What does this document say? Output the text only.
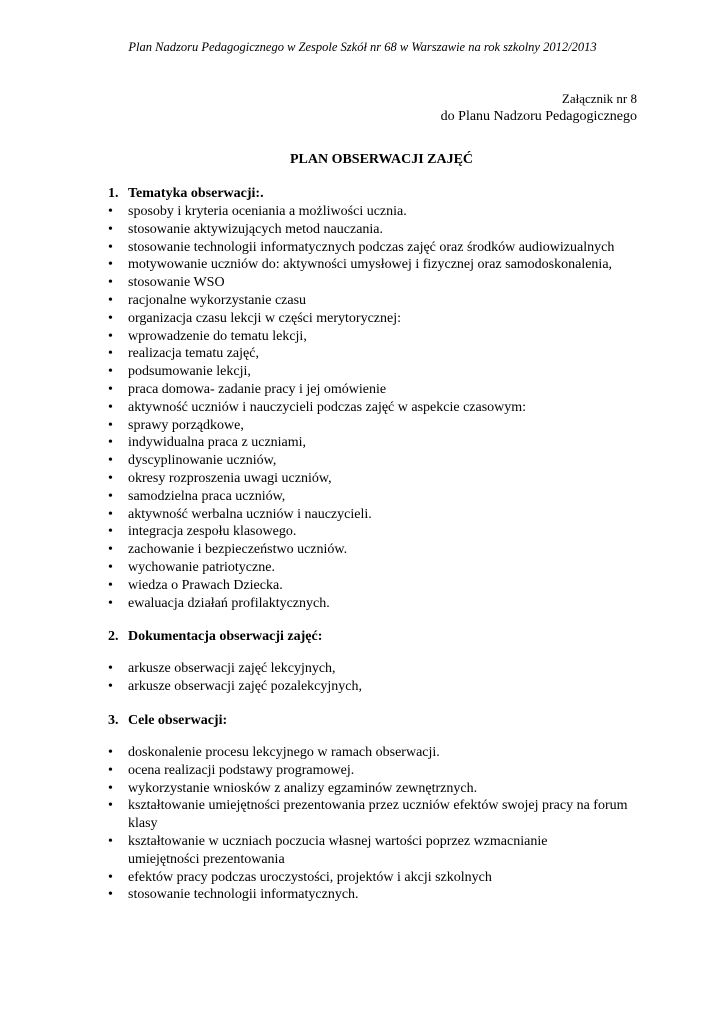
Plan Nadzoru Pedagogicznego w Zespole Szkół nr 68 w Warszawie na rok szkolny 2012/2013
Załącznik nr 8
do Planu Nadzoru Pedagogicznego
PLAN OBSERWACJI ZAJĘĆ
1. Tematyka obserwacji:.
• sposoby i kryteria oceniania a możliwości ucznia.
• stosowanie aktywizujących metod nauczania.
• stosowanie technologii informatycznych podczas zajęć oraz środków audiowizualnych
• motywowanie uczniów do: aktywności umysłowej i fizycznej oraz samodoskonalenia,
• stosowanie WSO
• racjonalne wykorzystanie czasu
• organizacja czasu lekcji w części merytorycznej:
• wprowadzenie do tematu lekcji,
• realizacja tematu zajęć,
• podsumowanie lekcji,
• praca domowa- zadanie pracy i jej omówienie
• aktywność uczniów i nauczycieli podczas zajęć w aspekcie czasowym:
• sprawy porządkowe,
• indywidualna praca z uczniami,
• dyscyplinowanie uczniów,
• okresy rozproszenia uwagi uczniów,
• samodzielna praca uczniów,
• aktywność werbalna uczniów i nauczycieli.
• integracja zespołu klasowego.
• zachowanie i bezpieczeństwo uczniów.
• wychowanie patriotyczne.
• wiedza o Prawach Dziecka.
• ewaluacja działań profilaktycznych.
2. Dokumentacja obserwacji zajęć:
• arkusze obserwacji zajęć lekcyjnych,
• arkusze obserwacji zajęć pozalekcyjnych,
3. Cele obserwacji:
• doskonalenie procesu lekcyjnego w ramach obserwacji.
• ocena realizacji podstawy programowej.
• wykorzystanie wniosków z analizy egzaminów zewnętrznych.
• kształtowanie umiejętności prezentowania przez uczniów efektów swojej pracy na forum klasy
• kształtowanie w uczniach poczucia własnej wartości poprzez wzmacnianie umiejętności prezentowania
• efektów pracy podczas uroczystości, projektów i akcji szkolnych
• stosowanie technologii informatycznych.
